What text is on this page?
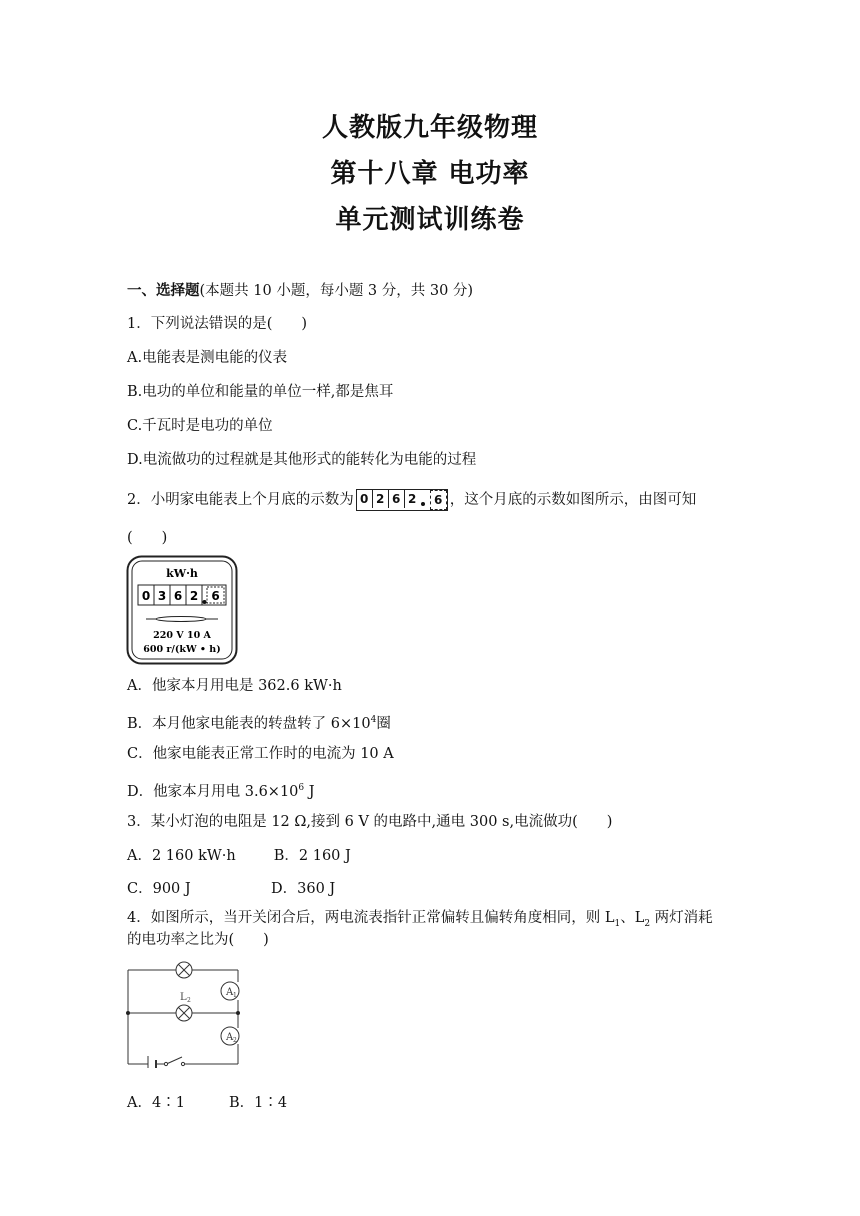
人教版九年级物理
第十八章 电功率
单元测试训练卷
一、选择题(本题共 10 小题，每小题 3 分，共 30 分)
1．下列说法错误的是(　　)
A.电能表是测电能的仪表
B.电功的单位和能量的单位一样,都是焦耳
C.千瓦时是电功的单位
D.电流做功的过程就是其他形式的能转化为电能的过程
2．小明家电能表上个月底的示数为 0 2 6 2	6 ，这个月底的示数如图所示，由图可知
(　　)
kW·h
0 3 6 2 6
220 V 10 A
600 r/(kW • h)
A．他家本月用电是 362.6 kW·h
B．本月他家电能表的转盘转了 $6\times 10^4$圈
C．他家电能表正常工作时的电流为 10 A
D．他家本月用电 $3.6\times 10^6$ J
3．某小灯泡的电阻是 12 Ω,接到 6 V 的电路中,通电 300 s,电流做功(　　)
A．2 160 kW·h	B．2 160 J
C．900 J	D．360 J
4．如图所示，当开关闭合后，两电流表指针正常偏转且偏转角度相同，则 $L_1$、$L_2$ 两灯消耗
的电功率之比为(　　)
L 2
A 1
A 2
A．4∶1	B．1∶4
